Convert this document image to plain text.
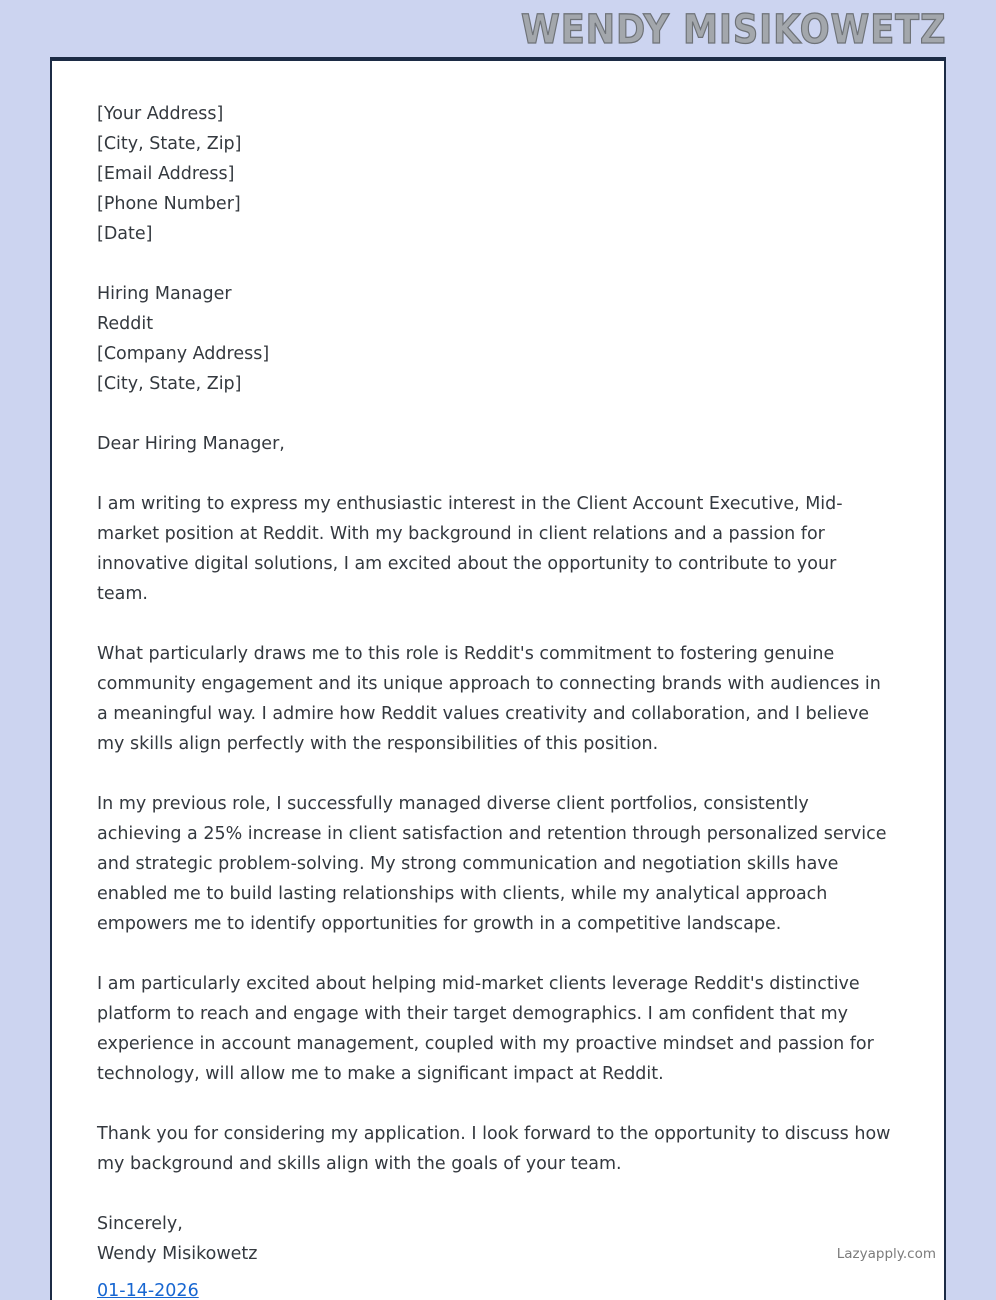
WENDY MISIKOWETZ
[Your Address]
[City, State, Zip]
[Email Address]
[Phone Number]
[Date]
Hiring Manager
Reddit
[Company Address]
[City, State, Zip]
Dear Hiring Manager,
I am writing to express my enthusiastic interest in the Client Account Executive, Mid-market position at Reddit. With my background in client relations and a passion for innovative digital solutions, I am excited about the opportunity to contribute to your team.
What particularly draws me to this role is Reddit's commitment to fostering genuine community engagement and its unique approach to connecting brands with audiences in a meaningful way. I admire how Reddit values creativity and collaboration, and I believe my skills align perfectly with the responsibilities of this position.
In my previous role, I successfully managed diverse client portfolios, consistently achieving a 25% increase in client satisfaction and retention through personalized service and strategic problem-solving. My strong communication and negotiation skills have enabled me to build lasting relationships with clients, while my analytical approach empowers me to identify opportunities for growth in a competitive landscape.
I am particularly excited about helping mid-market clients leverage Reddit's distinctive platform to reach and engage with their target demographics. I am confident that my experience in account management, coupled with my proactive mindset and passion for technology, will allow me to make a significant impact at Reddit.
Thank you for considering my application. I look forward to the opportunity to discuss how my background and skills align with the goals of your team.
Sincerely,
Wendy Misikowetz
01-14-2026
Lazyapply.com
